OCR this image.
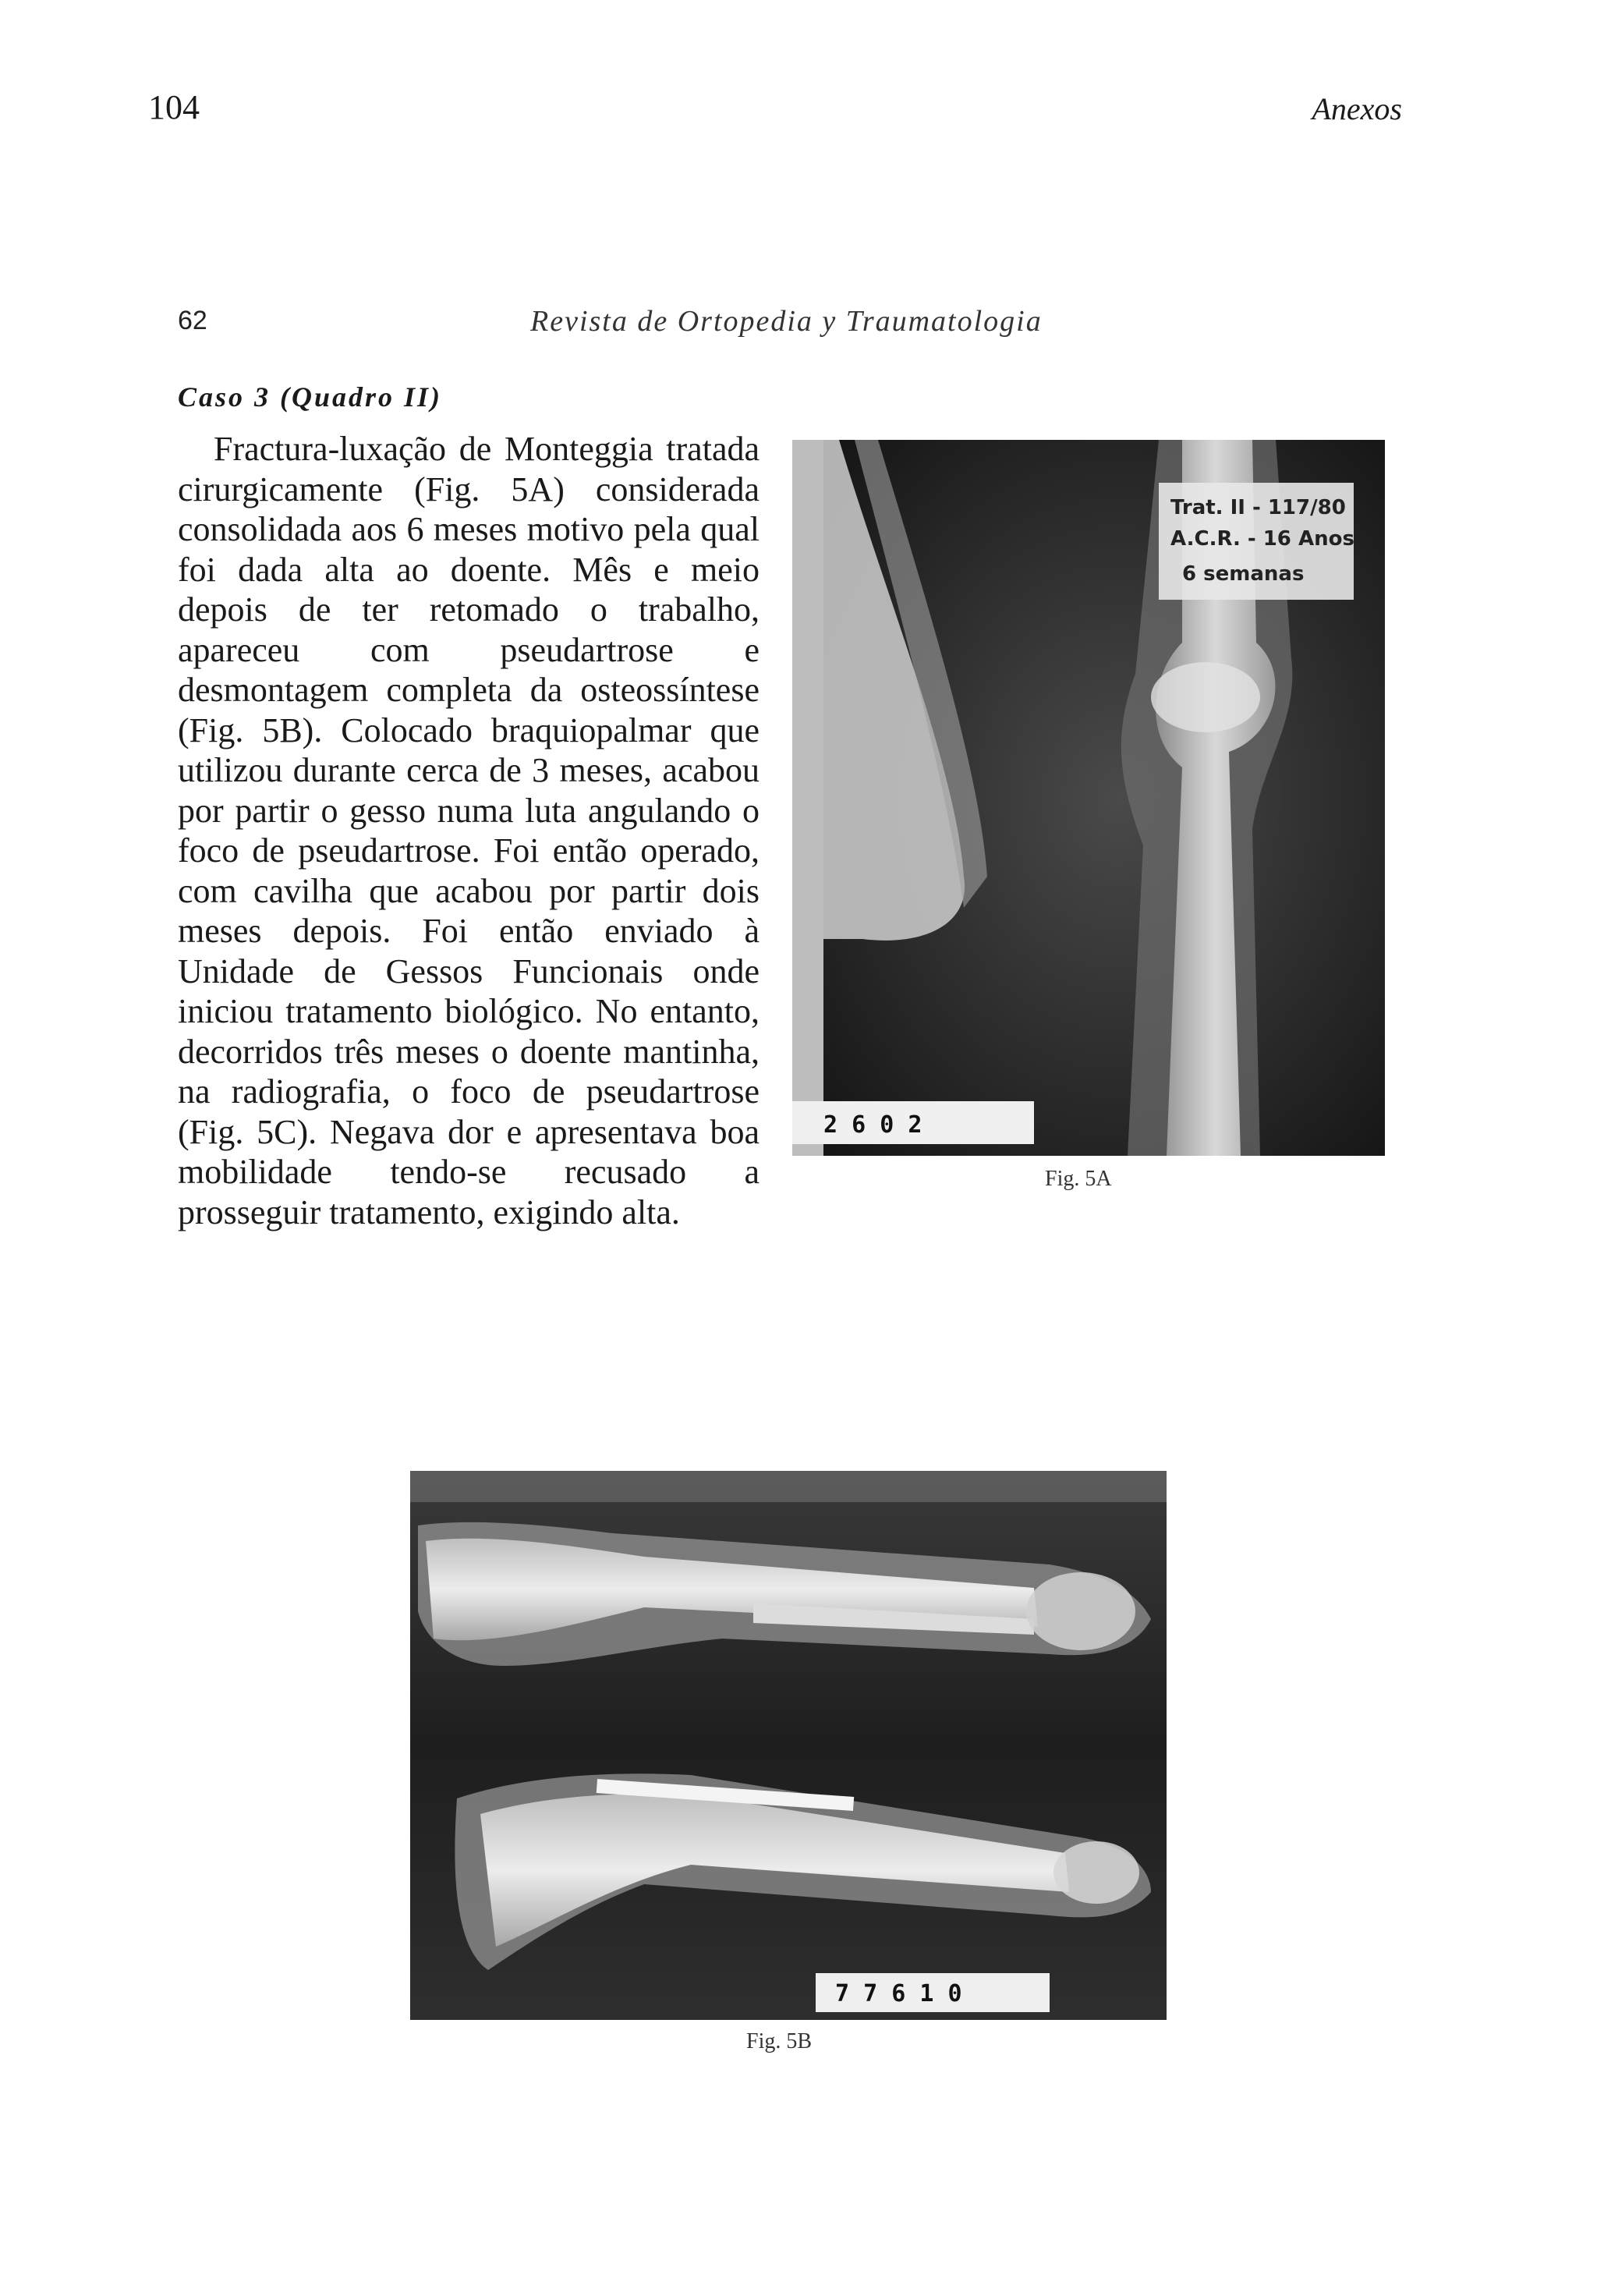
104	Anexos
62	Revista de Ortopedia y Traumatologia
Caso 3 (Quadro II)
Fractura-luxação de Monteggia tratada cirurgicamente (Fig. 5A) considerada consolidada aos 6 meses motivo pela qual foi dada alta ao doente. Mês e meio depois de ter retomado o trabalho, apareceu com pseudartrose e desmontagem completa da osteossíntese (Fig. 5B). Colocado braquiopalmar que utilizou durante cerca de 3 meses, acabou por partir o gesso numa luta angulando o foco de pseudartrose. Foi então operado, com cavilha que acabou por partir dois meses depois. Foi então enviado à Unidade de Gessos Funcionais onde iniciou tratamento biológico. No entanto, decorridos três meses o doente mantinha, na radiografia, o foco de pseudartrose (Fig. 5C). Negava dor e apresentava boa mobilidade tendo-se recusado a prosseguir tratamento, exigindo alta.
Trat. II - 117/80
A.C.R. - 16 Anos
6 semanas
2 6 0 2
Fig. 5A
7 7 6 1 0
Fig. 5B
